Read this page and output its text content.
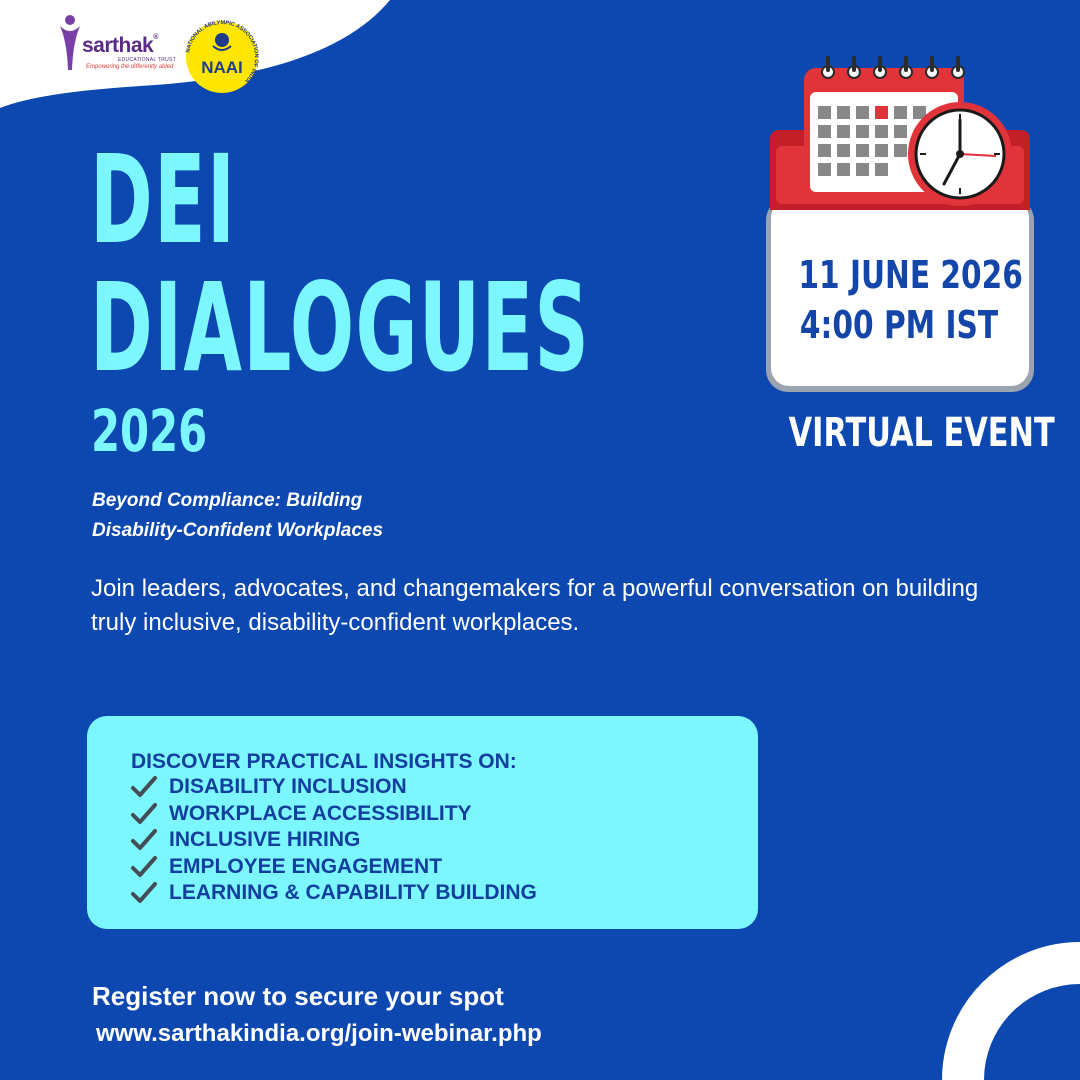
sarthak®
EDUCATIONAL TRUST
Empowering the differently abled
NATIONAL ABILYMPIC ASSOCIATION OF INDIA
NAAI
DEI
DIALOGUES
2026
Beyond Compliance: Building
Disability-Confident Workplaces
Join leaders, advocates, and changemakers for a powerful conversation on building truly inclusive, disability-confident workplaces.
11 JUNE 2026
4:00 PM IST
VIRTUAL EVENT
DISCOVER PRACTICAL INSIGHTS ON:
DISABILITY INCLUSION
WORKPLACE ACCESSIBILITY
INCLUSIVE HIRING
EMPLOYEE ENGAGEMENT
LEARNING & CAPABILITY BUILDING
Register now to secure your spot
www.sarthakindia.org/join-webinar.php
